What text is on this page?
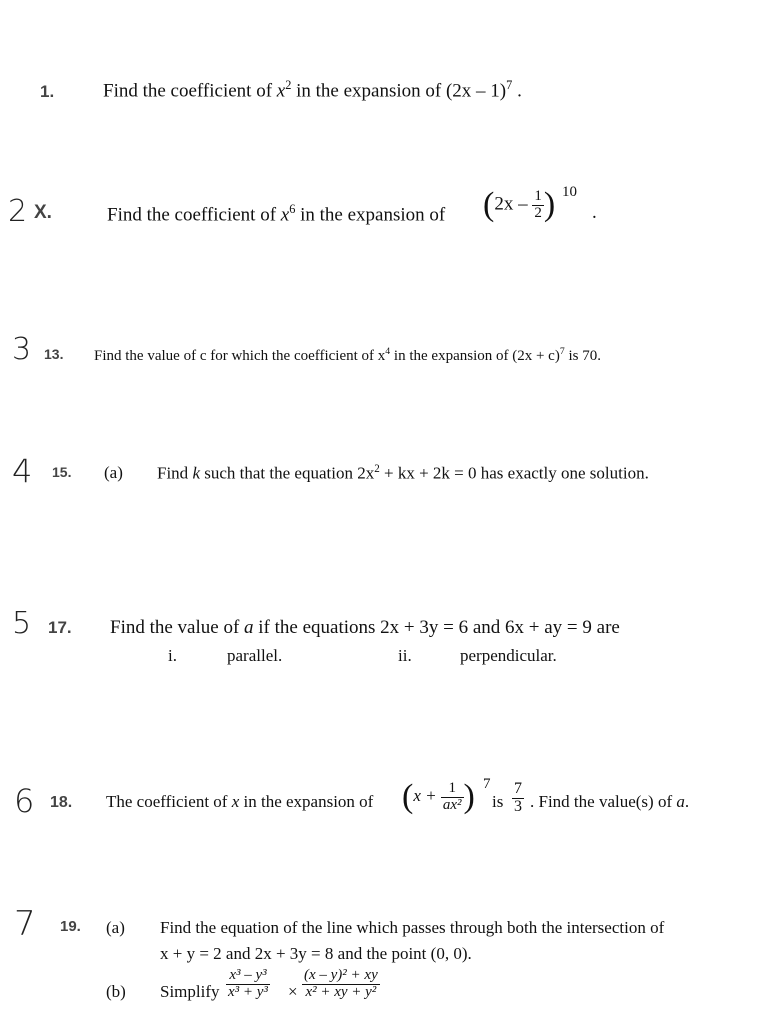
1.	Find the coefficient of $x^2$ in the expansion of (2x – 1)$^7$ .
2 X.	Find the coefficient of $x^6$ in the expansion of ($2x - \frac{1}{2}$ ) 10
.
3 13. Find the value of c for which the coefficient of $x^4$ in the expansion of $(2x + c)^7$ is 70.
4 15. (a) Find k such that the equation $2x^2$ + kx + 2k = 0 has exactly one solution.
5 17. Find the value of a if the equations 2x + 3y = 6 and 6x + ay = 9 are
i.	parallel.	ii.	perpendicular.
6 18. The coefficient of x in the expansion of ($x + \frac{1}{\text{ax²}}$ ) 7
is $\frac{7}{3}$ . Find the value(s) of a.
7 19. (a) Find the equation of the line which passes through both the intersection of
x + y = 2 and 2x + 3y = 8 and the point (0, 0).
(b) Simplify $\frac{\text{x³ – y³}}{\text{x³ + y³}} \times \frac{\text{(x – y)² + xy}}{\text{x² + xy + y²}}$
